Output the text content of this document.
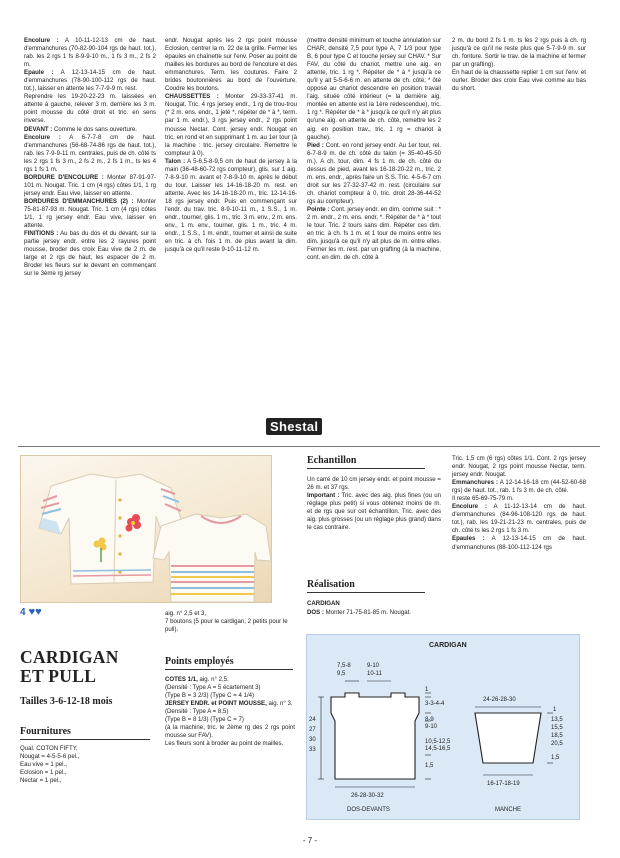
Encolure : A 10-11-12-13 cm de haut. d'emmanchures (70-82-90-104 rgs de haut. tot.), rab. les 2 rgs 1 fs 8-9-9-10 m., 1 fs 3 m., 2 fs 2 m.

Epaule : A 12-13-14-15 cm de haut. d'emmanchures (78-90-100-112 rgs de haut. tot.), laisser en attente les 7-7-9-9 m. rest.

Reprendre les 19-20-22-23 m. laissées en attente à gauche, relever 3 m. derrière les 3 m. point mousse du côté droit et tric. en sens inverse.

DEVANT : Comme le dos sans ouverture.

Encolure : A 6-7-7-8 cm de haut. d'emmanchures (56-68-74-86 rgs de haut. tot.), rab. les 7-9-9-11 m. centrales, puis de ch. côté ts les 2 rgs 1 fs 3 m., 2 fs 2 m., 2 fs 1 m., ts les 4 rgs 1 fs 1 m.

BORDURE D'ENCOLURE : Monter 87-91-97-101 m. Nougat. Tric. 1 cm (4 rgs) côtes 1/1, 1 rg jersey endr. Eau vive, laisser en attente.

BORDURES D'EMMANCHURES (2) : Monter 75-81-87-93 m. Nougat. Tric. 1 cm (4 rgs) côtes 1/1, 1 rg jersey endr. Eau vive, laisser en attente.

FINITIONS : Au bas du dos et du devant, sur la partie jersey endr. entre les 2 rayures point mousse, broder des croix Eau vive de 2 m. de large et 2 rgs de haut, les espacer de 2 m. Broder les fleurs sur le devant en commençant sur le 3ème rg jersey

endr. Nougat après les 2 rgs point mousse Eclosion, centrer la m. 22 de la grille. Fermer les épaules en chaînette sur l'env. Poser au point de mailles les bordures au bord de l'encolure et des emmanchures. Term. les coutures. Faire 2 brides boutonnières au bord de l'ouverture. Coudre les boutons.

CHAUSSETTES : Monter 29-33-37-41 m. Nougat. Tric. 4 rgs jersey endr., 1 rg de trou-trou (* 2 m. ens. endr., 1 jeté *, répéter de * à *, term. par 1 m. endr.), 3 rgs jersey endr., 2 rgs point mousse Nectar. Cont. jersey endr. Nougat en tric. en rond et en supprimant 1 m. au 1er tour (à la machine : tric. jersey circulaire. Remettre le compteur à 0).

Talon : A 5-6,5-8-9,5 cm de haut de jersey à la main (36-48-60-72 rgs compteur), glis. sur 1 aig. 7-8-9-10 m. avant et 7-8-9-10 m. après le début du tour. Laisser les 14-16-18-20 m. rest. en attente. Avec les 14-16-18-20 m., tric. 12-14-16-18 rgs jersey endr. Puis en commençant sur l'endr. du trav. tric. 8-9-10-11 m., 1 S.S., 1 m. endr., tourner, glis. 1 m., tric. 3 m. env., 2 m. ens. env., 1 m. env., tourner, glis. 1 m., tric. 4 m. endr., 1 S.S., 1 m. endr., tourner et ainsi de suite en tric. à ch. fois 1 m. de plus avant la dim. jusqu'à ce qu'il reste 9-10-11-12 m.

(mettre densité minimum et touche annulation sur CHAR, densité 7,5 pour type A, 7 1/3 pour type B, 6 pour type C et touche jersey sur CHAV. * Sur FAV, du côté du chariot, mettre une aig. en attente, tric. 1 rg *. Répéter de * à * jusqu'à ce qu'il y ait 5-5-6-6 m. en attente de ch. côté, * ôté opposé au chariot descendre en position travail l'aig. située côté intérieur (= la dernière aig. montée en attente est la 1ère redescendue), tric. 1 rg *. Répéter de * à * jusqu'à ce qu'il n'y ait plus qu'une aig. en attente de ch. côté, remettre les 2 aig. en position trav., tric. 1 rg = chariot à gauche).

Pied : Cont. en rond jersey endr. Au 1er tour, rel. 6-7-8-9 m. de ch. côté du talon (= 35-40-45-50 m.). A ch. tour, dim. 4 fs 1 m. de ch. côté du dessus de pied, avant les 16-18-20-22 m., tric. 2 m. ens. endr., après faire un S.S. Tric. 4-5-6-7 cm droit sur les 27-32-37-42 m. rest. (circulaire sur ch. chariot compteur à 0, tric. droit 28-36-44-52 rgs au compteur).

Pointe : Cont. jersey endr. en dim. comme suit : * 2 m. endr., 2 m. ens. endr. *. Répéter de * à * tout le tour. Tric. 2 tours sans dim. Répéter ces dim. en tric. à ch. fs 1 m. et 1 tour de moins entre les dim. jusqu'à ce qu'il n'y ait plus de m. entre elles. Fermer les m. rest. par un grafting (à la machine, cont. en dim. de ch. côté à

2 m. du bord 2 fs 1 m. ts les 2 rgs puis à ch. rg jusqu'à ce qu'il ne reste plus que 5-7-9-9 m. sur ch. fonture. Sortir le trav. de la machine et fermer par un grafting).

En haut de la chaussette replier 1 cm sur l'env. et ourler. Broder des croix Eau vive comme au bas du short.

Shestal
4 ♥♥
CARDIGAN
ET PULL
Tailles 3-6-12-18 mois
Fournitures
Qual. COTON FIFTY,
Nougat = 4-5-5-6 pel.,
Eau vive = 1 pel.,
Eclosion = 1 pel.,
Nectar = 1 pel.,
aig. n° 2,5 et 3,
7 boutons (5 pour le cardigan, 2 petits pour le pull).
Points employés

COTES 1/1, aig. n° 2,5.

(Densité : Type A = 5 écartement 3)

(Type B = 3 2/3) (Type C = 4 1/4)

JERSEY ENDR. et POINT MOUSSE, aig. n° 3.

(Densité : Type A = 8,5)

(Type B = 8 1/3) (Type C = 7)

(à la machine, tric. le 2ème rg des 2 rgs point mousse sur FAV).

Les fleurs sont à broder au point de mailles.

Echantillon

Un carré de 10 cm jersey endr. et point mousse = 26 m. et 37 rgs.

Important : Tric. avec des aig. plus fines (ou un réglage plus petit) si vous obtenez moins de m. et de rgs que sur cet échantillon. Tric. avec des aig. plus grosses (ou un réglage plus grand) dans le cas contraire.

Réalisation
CARDIGAN

DOS : Monter 71-75-81-85 m. Nougat.

Tric. 1,5 cm (6 rgs) côtes 1/1. Cont. 2 rgs jersey endr. Nougat, 2 rgs point mousse Nectar, term. jersey endr. Nougat.

Emmanchures : A 12-14-16-18 cm (44-52-60-68 rgs) de haut. tot., rab. 1 fs 3 m. de ch. côté.

Il reste 65-69-75-79 m.

Encolure : A 11-12-13-14 cm de haut. d'emmanchures (84-96-108-120 rgs de haut. tot.), rab. les 19-21-21-23 m. centrales, puis de ch. côté ts les 2 rgs 1 fs 3 m.

Epaules : A 12-13-14-15 cm de haut. d'emmanchures (88-100-112-124 rgs

CARDIGAN
7,5-8
9,5
9-10
10-11
1
3-3-4-4
8-9
9-10
10,5-12,5
14,5-16,5
1,5
24
27
30
33
26-28-30-32
DOS-DEVANTS
24-26-28-30
1
13,5
15,5
18,5
20,5
1,5
16-17-18-19
MANCHE
- 7 -
